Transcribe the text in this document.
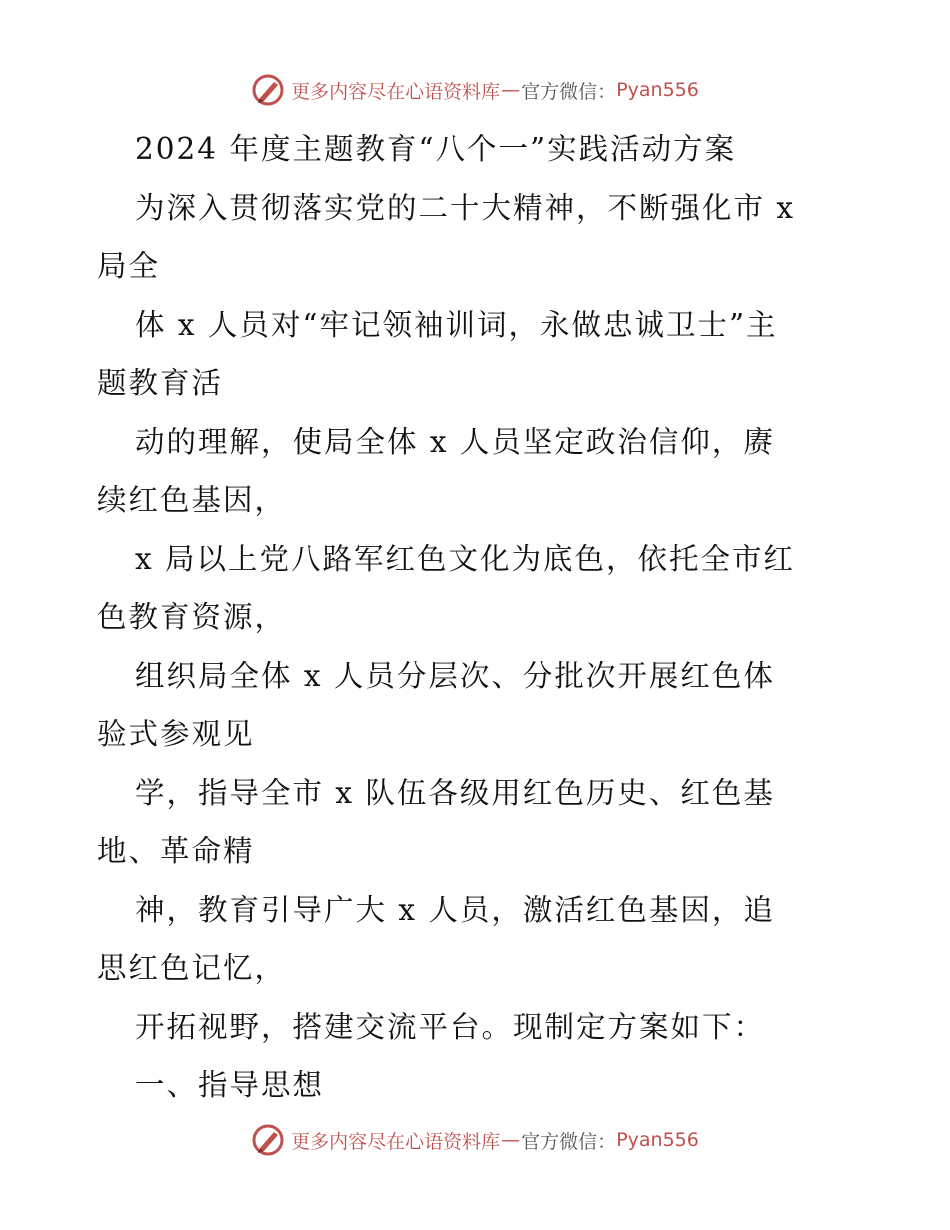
更多内容尽在心语资料库 — 官方微信： Pyan556
2024 年度主题教育“八个一”实践活动方案
为深入贯彻落实党的二十大精神，不断强化市 x
局全
体 x 人员对“牢记领袖训词，永做忠诚卫士”主
题教育活
动的理解，使局全体 x 人员坚定政治信仰，赓
续红色基因，
x 局以上党八路军红色文化为底色，依托全市红
色教育资源，
组织局全体 x 人员分层次、分批次开展红色体
验式参观见
学，指导全市 x 队伍各级用红色历史、红色基
地、革命精
神，教育引导广大 x 人员，激活红色基因，追
思红色记忆，
开拓视野，搭建交流平台。现制定方案如下：
一、指导思想
更多内容尽在心语资料库 — 官方微信： Pyan556
